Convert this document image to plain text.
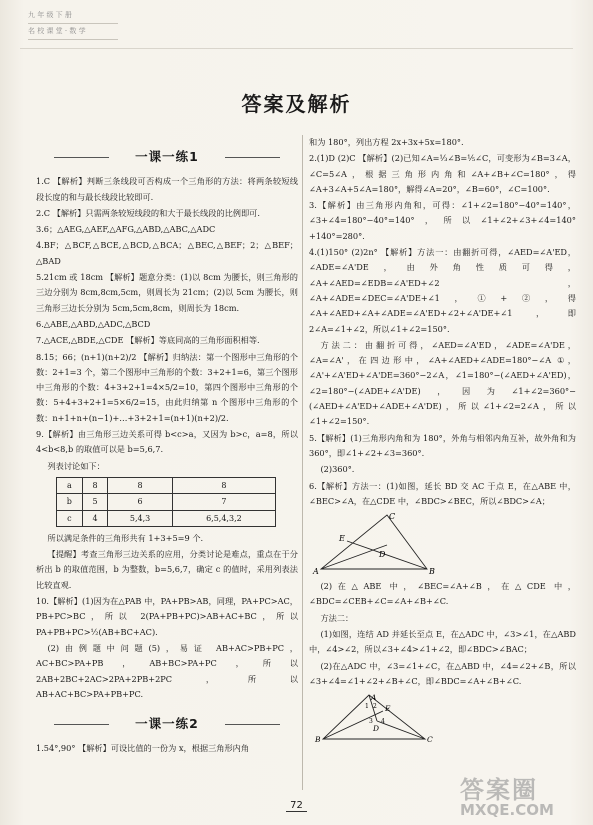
九 年 级 下 册
名 校 课 堂 · 数 学
答案及解析
一课一练1

1.C 【解析】判断三条线段可否构成一个三角形的方法：将两条较短线段长度的和与最长线段比较即可.

2.C 【解析】只需两条较短线段的和大于最长线段的比例即可.

3.6；△AEG,△AEF,△AFG,△ABD,△ABC,△ADC

4.BF；△BCF,△BCE,△BCD,△BCA；△BEC,△BEF；2；△BEF；△BAD

5.21cm 或 18cm 【解析】题意分类：(1)以 8cm 为腰长，则三角形的三边分别为 8cm,8cm,5cm，则周长为 21cm；(2)以 5cm 为腰长，则三角形三边长分别为 5cm,5cm,8cm，则周长为 18cm.

6.△ABE,△ABD,△ADC,△BCD

7.△ACE,△BDE,△CDE 【解析】等底同高的三角形面积相等.

8.15；66；(n+1)(n+2)/2 【解析】归纳法：第一个图形中三角形的个数：2+1=3 个，第二个图形中三角形的个数：3+2+1=6，第三个图形中三角形的个数：4+3+2+1=4×5/2=10，第四个图形中三角形的个数：5+4+3+2+1=5×6/2=15，由此归纳第 n 个图形中三角形的个数：n+1+n+(n−1)+…+3+2+1=(n+1)(n+2)/2.

9.【解析】由三角形三边关系可得 b<c>a，又因为 b>c，a=8，所以 4<b<8,b 的取值可以是 b=5,6,7.

列表讨论如下：

a	8	8	8
b	5	6	7
c	4	5,4,3	6,5,4,3,2

所以满足条件的三角形共有 1+3+5=9 个.

【提醒】考查三角形三边关系的应用，分类讨论是难点，重点在于分析出 b 的取值范围，b 为整数，b=5,6,7，确定 c 的值时，采用列表法比较直观.

10.【解析】(1)因为在△PAB 中，PA+PB>AB，同理，PA+PC>AC，PB+PC>BC，所以 2(PA+PB+PC)>AB+AC+BC，所以 PA+PB+PC>½(AB+BC+AC).

(2)由例题中问题(5)，易证 AB+AC>PB+PC，AC+BC>PA+PB，AB+BC>PA+PC，所以 2AB+2BC+2AC>2PA+2PB+2PC，所以 AB+AC+BC>PA+PB+PC.

一课一练2

1.54°,90° 【解析】可设比值的一份为 x，根据三角形内角

和为 180°，列出方程 2x+3x+5x=180°.

2.(1)D (2)C 【解析】(2)已知∠A=⅓∠B=⅕∠C，可变形为∠B=3∠A，∠C=5∠A，根据三角形内角和∠A+∠B+∠C=180°，得∠A+3∠A+5∠A=180°，解得∠A=20°，∠B=60°，∠C=100°.

3.【解析】由三角形内角和，可得：∠1+∠2=180°−40°=140°，∠3+∠4=180°−40°=140°，所以∠1+∠2+∠3+∠4=140°+140°=280°.

4.(1)150° (2)2n° 【解析】方法一：由翻折可得，∠AED=∠A'ED，∠ADE=∠A'DE，由外角性质可得，∠A+∠AED=∠EDB=∠A'ED+∠2，∠A+∠ADE=∠DEC=∠A'DE+∠1，①+②，得∠A+∠AED+∠A+∠ADE=∠A'ED+∠2+∠A'DE+∠1，即 2∠A=∠1+∠2，所以∠1+∠2=150°.

方法二：由翻折可得，∠AED=∠A'ED，∠ADE=∠A'DE，∠A=∠A'，在四边形中，∠A+∠AED+∠ADE=180°−∠A ①，∠A'+∠A'ED+∠A'DE=360°−2∠A，∠1=180°−(∠AED+∠A'ED)，∠2=180°−(∠ADE+∠A'DE)，因为∠1+∠2=360°−(∠AED+∠A'ED+∠ADE+∠A'DE)，所以∠1+∠2=2∠A，所以∠1+∠2=150°.

5.【解析】(1)三角形内角和为 180°，外角与相邻内角互补，故外角和为 360°，即∠1+∠2+∠3=360°.

(2)360°.

6.【解析】方法一：(1)如图，延长 BD 交 AC 于点 E，在△ABE 中，∠BEC>∠A，在△CDE 中，∠BDC>∠BEC，所以∠BDC>∠A；

A	B
C
D
E

(2)在△ABE 中，∠BEC=∠A+∠B，在△CDE 中，∠BDC=∠CEB+∠C=∠A+∠B+∠C.

方法二：

(1)如图，连结 AD 并延长至点 E，在△ADC 中，∠3>∠1，在△ABD 中，∠4>∠2，所以∠3+∠4>∠1+∠2，即∠BDC>∠BAC；

(2)在△ADC 中，∠3=∠1+∠C，在△ABD 中，∠4=∠2+∠B，所以∠3+∠4=∠1+∠2+∠B+∠C，即∠BDC=∠A+∠B+∠C.

B	C
A
E
D
1 2
3 4
72
答案圈
MXQE.COM
